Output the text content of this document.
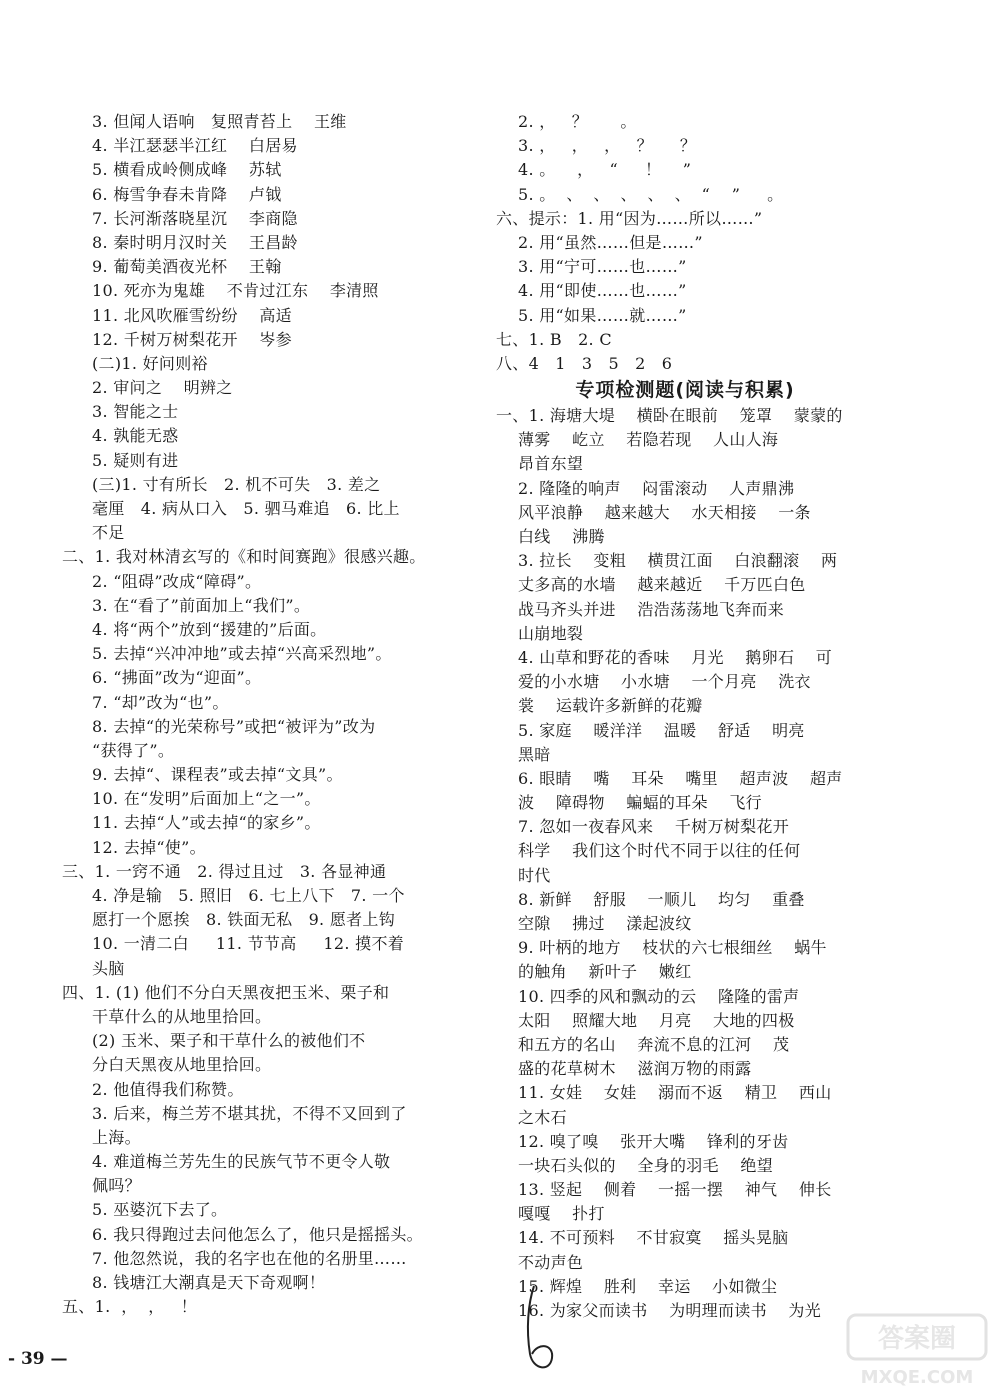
3. 但闻人语响   复照青苔上    王维
4. 半江瑟瑟半江红    白居易
5. 横看成岭侧成峰    苏轼
6. 梅雪争春未肯降    卢钺
7. 长河渐落晓星沉    李商隐
8. 秦时明月汉时关    王昌龄
9. 葡萄美酒夜光杯    王翰
10. 死亦为鬼雄    不肯过江东    李清照
11. 北风吹雁雪纷纷    高适
12. 千树万树梨花开    岑参
(二)1. 好问则裕
2. 审问之    明辨之
3. 智能之士
4. 孰能无惑
5. 疑则有进
(三)1. 寸有所长   2. 机不可失   3. 差之
毫厘   4. 病从口入   5. 驷马难追   6. 比上
不足
二、1. 我对林清玄写的《和时间赛跑》很感兴趣。
2. “阻碍”改成“障碍”。
3. 在“看了”前面加上“我们”。
4. 将“两个”放到“援建的”后面。
5. 去掉“兴冲冲地”或去掉“兴高采烈地”。
6. “拂面”改为“迎面”。
7. “却”改为“也”。
8. 去掉“的光荣称号”或把“被评为”改为
“获得了”。
9. 去掉“、课程表”或去掉“文具”。
10. 在“发明”后面加上“之一”。
11. 去掉“人”或去掉“的家乡”。
12. 去掉“使”。
三、1. 一窍不通   2. 得过且过   3. 各显神通
4. 净是输   5. 照旧   6. 七上八下   7. 一个
愿打一个愿挨   8. 铁面无私   9. 愿者上钩
10. 一清二白     11. 节节高     12. 摸不着
头脑
四、1. (1) 他们不分白天黑夜把玉米、栗子和
干草什么的从地里拾回。
(2) 玉米、栗子和干草什么的被他们不
分白天黑夜从地里拾回。
2. 他值得我们称赞。
3. 后来，梅兰芳不堪其扰，不得不又回到了
上海。
4. 难道梅兰芳先生的民族气节不更令人敬
佩吗？
5. 巫婆沉下去了。
6. 我只得跑过去问他怎么了，他只是摇摇头。
7. 他忽然说，我的名字也在他的名册里……
8. 钱塘江大潮真是天下奇观啊！
五、1.  ，  ，   ！
2. ，   ？      。
3. ，   ，   ，   ？     ？
4. 。    ，   “     ！    ”
5. 。  、  、  、  、  、  “    ”     。
六、提示：1. 用“因为……所以……”
2. 用“虽然……但是……”
3. 用“宁可……也……”
4. 用“即使……也……”
5. 用“如果……就……”
七、1. B   2. C
八、4   1   3   5   2   6
专项检测题(阅读与积累)
一、1. 海塘大堤    横卧在眼前    笼罩    蒙蒙的
薄雾    屹立    若隐若现    人山人海
昂首东望
2. 隆隆的响声    闷雷滚动    人声鼎沸
风平浪静    越来越大    水天相接    一条
白线    沸腾
3. 拉长    变粗    横贯江面    白浪翻滚    两
丈多高的水墙    越来越近    千万匹白色
战马齐头并进    浩浩荡荡地飞奔而来
山崩地裂
4. 山草和野花的香味    月光    鹅卵石    可
爱的小水塘    小水塘    一个月亮    洗衣
裳    运载许多新鲜的花瓣
5. 家庭    暖洋洋    温暖    舒适    明亮
黑暗
6. 眼睛    嘴    耳朵    嘴里    超声波    超声
波    障碍物    蝙蝠的耳朵    飞行
7. 忽如一夜春风来    千树万树梨花开
科学    我们这个时代不同于以往的任何
时代
8. 新鲜    舒服    一顺儿    均匀    重叠
空隙    拂过    漾起波纹
9. 叶柄的地方    枝状的六七根细丝    蜗牛
的触角    新叶子    嫩红
10. 四季的风和飘动的云    隆隆的雷声
太阳    照耀大地    月亮    大地的四极
和五方的名山    奔流不息的江河    茂
盛的花草树木    滋润万物的雨露
11. 女娃    女娃    溺而不返    精卫    西山
之木石
12. 嗅了嗅    张开大嘴    锋利的牙齿
一块石头似的    全身的羽毛    绝望
13. 竖起    侧着    一摇一摆    神气    伸长
嘎嘎    扑打
14. 不可预料    不甘寂寞    摇头晃脑
不动声色
15. 辉煌    胜利    幸运    小如微尘
16. 为家父而读书    为明理而读书    为光
- 39 —
答案圈
MXQE.COM
